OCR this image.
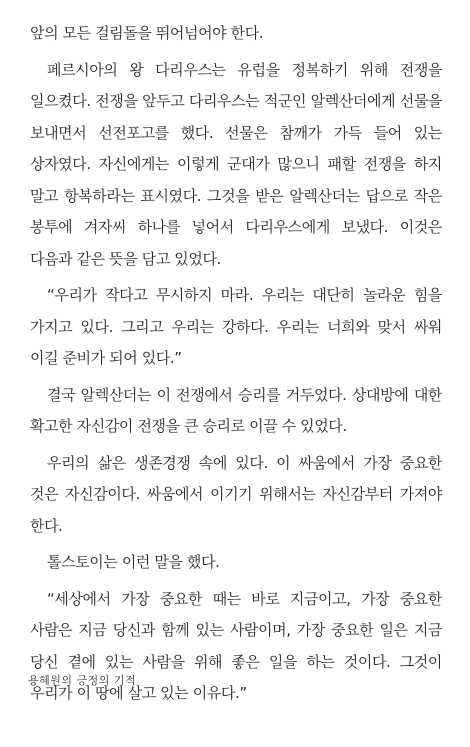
앞의 모든 걸림돌을 뛰어넘어야 한다.

페르시아의 왕 다리우스는 유럽을 정복하기 위해 전쟁을 일으켰다. 전쟁을 앞두고 다리우스는 적군인 알렉산더에게 선물을 보내면서 선전포고를 했다. 선물은 참깨가 가득 들어 있는 상자였다. 자신에게는 이렇게 군대가 많으니 패할 전쟁을 하지 말고 항복하라는 표시였다. 그것을 받은 알렉산더는 답으로 작은 봉투에 겨자씨 하나를 넣어서 다리우스에게 보냈다. 이것은 다음과 같은 뜻을 담고 있었다.

“우리가 작다고 무시하지 마라. 우리는 대단히 놀라운 힘을 가지고 있다. 그리고 우리는 강하다. 우리는 너희와 맞서 싸워 이길 준비가 되어 있다.”

결국 알렉산더는 이 전쟁에서 승리를 거두었다. 상대방에 대한 확고한 자신감이 전쟁을 큰 승리로 이끌 수 있었다.

우리의 삶은 생존경쟁 속에 있다. 이 싸움에서 가장 중요한 것은 자신감이다. 싸움에서 이기기 위해서는 자신감부터 가져야 한다.

톨스토이는 이런 말을 했다.

“세상에서 가장 중요한 때는 바로 지금이고, 가장 중요한 사람은 지금 당신과 함께 있는 사람이며, 가장 중요한 일은 지금 당신 곁에 있는 사람을 위해 좋은 일을 하는 것이다. 그것이 우리가 이 땅에 살고 있는 이유다.”

용혜원의 긍정의 기적
